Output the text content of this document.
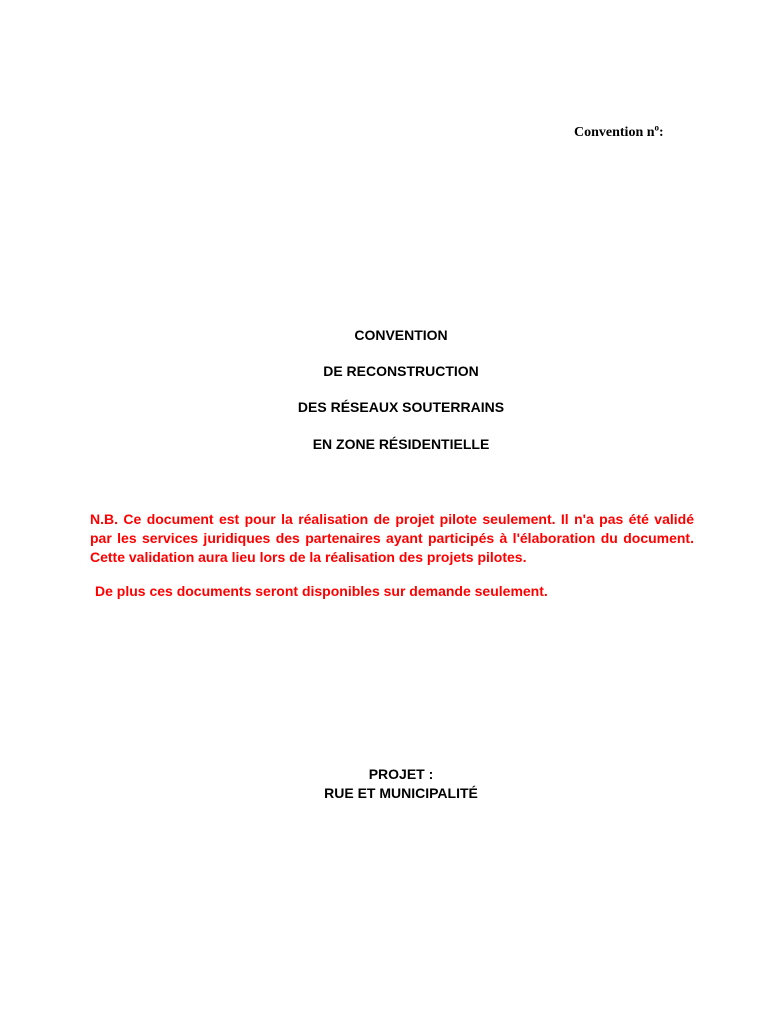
Convention $n^o$:
CONVENTION
DE RECONSTRUCTION
DES RÉSEAUX SOUTERRAINS
EN ZONE RÉSIDENTIELLE
N.B. Ce document est pour la réalisation de projet pilote seulement. Il n'a pas été validé par les services juridiques des partenaires ayant participés à l'élaboration du document. Cette validation aura lieu lors de la réalisation des projets pilotes.
De plus ces documents seront disponibles sur demande seulement.
PROJET :
RUE ET MUNICIPALITÉ
